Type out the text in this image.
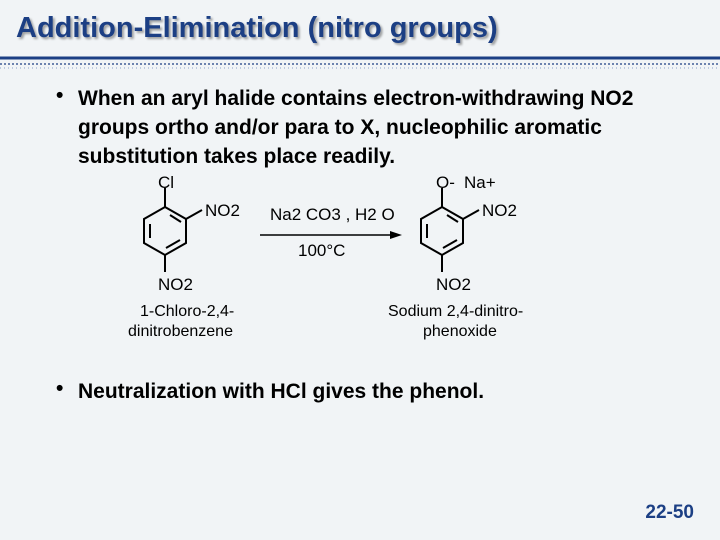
Addition-Elimination (nitro groups)
• When an aryl halide contains electron-withdrawing NO2 groups ortho and/or para to X, nucleophilic aromatic substitution takes place readily.
Cl
NO2
NO2
1-Chloro-2,4-
dinitrobenzene
Na2 CO3 , H2 O
100°C
O- Na+
NO2
NO2
Sodium 2,4-dinitro-
phenoxide
• Neutralization with HCl gives the phenol.
22-50
